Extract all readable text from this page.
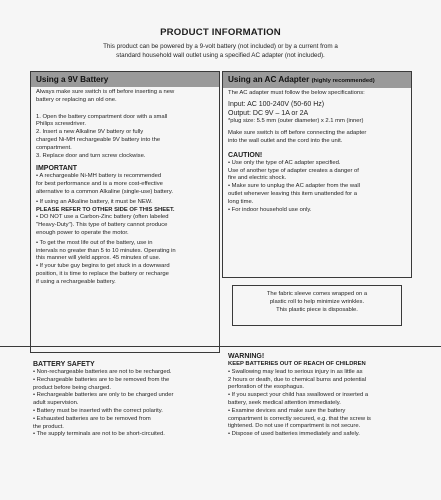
PRODUCT INFORMATION
This product can be powered by a 9-volt battery (not included) or by a current from a
standard household wall outlet using a specified AC adapter (not included).
Using a 9V Battery
Always make sure switch is off before inserting a new
battery or replacing an old one.
1. Open the battery compartment door with a small
Philips screwdriver.
2. Insert a new Alkaline 9V battery or fully
charged Ni-MH rechargeable 9V battery into the
compartment.
3. Replace door and turn screw clockwise.
IMPORTANT
• A rechargeable Ni-MH battery is recommended
for best performance and is a more cost-effective
alternative to a common Alkaline (single-use) battery.
• If using an Alkaline battery, it must be NEW.
PLEASE REFER TO OTHER SIDE OF THIS SHEET.
• DO NOT use a Carbon-Zinc battery (often labeled
"Heavy-Duty"). This type of battery cannot produce
enough power to operate the motor.
• To get the most life out of the battery, use in
intervals no greater than 5 to 10 minutes. Operating in
this manner will yield approx. 45 minutes of use.
• If your tube guy begins to get stuck in a downward
position, it is time to replace the battery or recharge
if using a rechargeable battery.
Using an AC Adapter (highly recommended)
The AC adapter must follow the below specifications:
Input: AC 100-240V (50-60 Hz)
Output: DC 9V – 1A or 2A
*plug size: 5.5 mm (outer diameter) x 2.1 mm (inner)
Make sure switch is off before connecting the adapter
into the wall outlet and the cord into the unit.
CAUTION!
• Use only the type of AC adapter specified.
Use of another type of adapter creates a danger of
fire and electric shock.
• Make sure to unplug the AC adapter from the wall
outlet whenever leaving this item unattended for a
long time.
• For indoor household use only.
The fabric sleeve comes wrapped on a
plastic roll to help minimize wrinkles.
This plastic piece is disposable.
BATTERY SAFETY
• Non-rechargeable batteries are not to be recharged.
• Rechargeable batteries are to be removed from the
product before being charged.
• Rechargeable batteries are only to be charged under
adult supervision.
• Battery must be inserted with the correct polarity.
• Exhausted batteries are to be removed from
the product.
• The supply terminals are not to be short-circuited.
WARNING!
KEEP BATTERIES OUT OF REACH OF CHILDREN
• Swallowing may lead to serious injury in as little as
2 hours or death, due to chemical burns and potential
perforation of the esophagus.
• If you suspect your child has swallowed or inserted a
battery, seek medical attention immediately.
• Examine devices and make sure the battery
compartment is correctly secured, e.g. that the screw is
tightened. Do not use if compartment is not secure.
• Dispose of used batteries immediately and safely.
